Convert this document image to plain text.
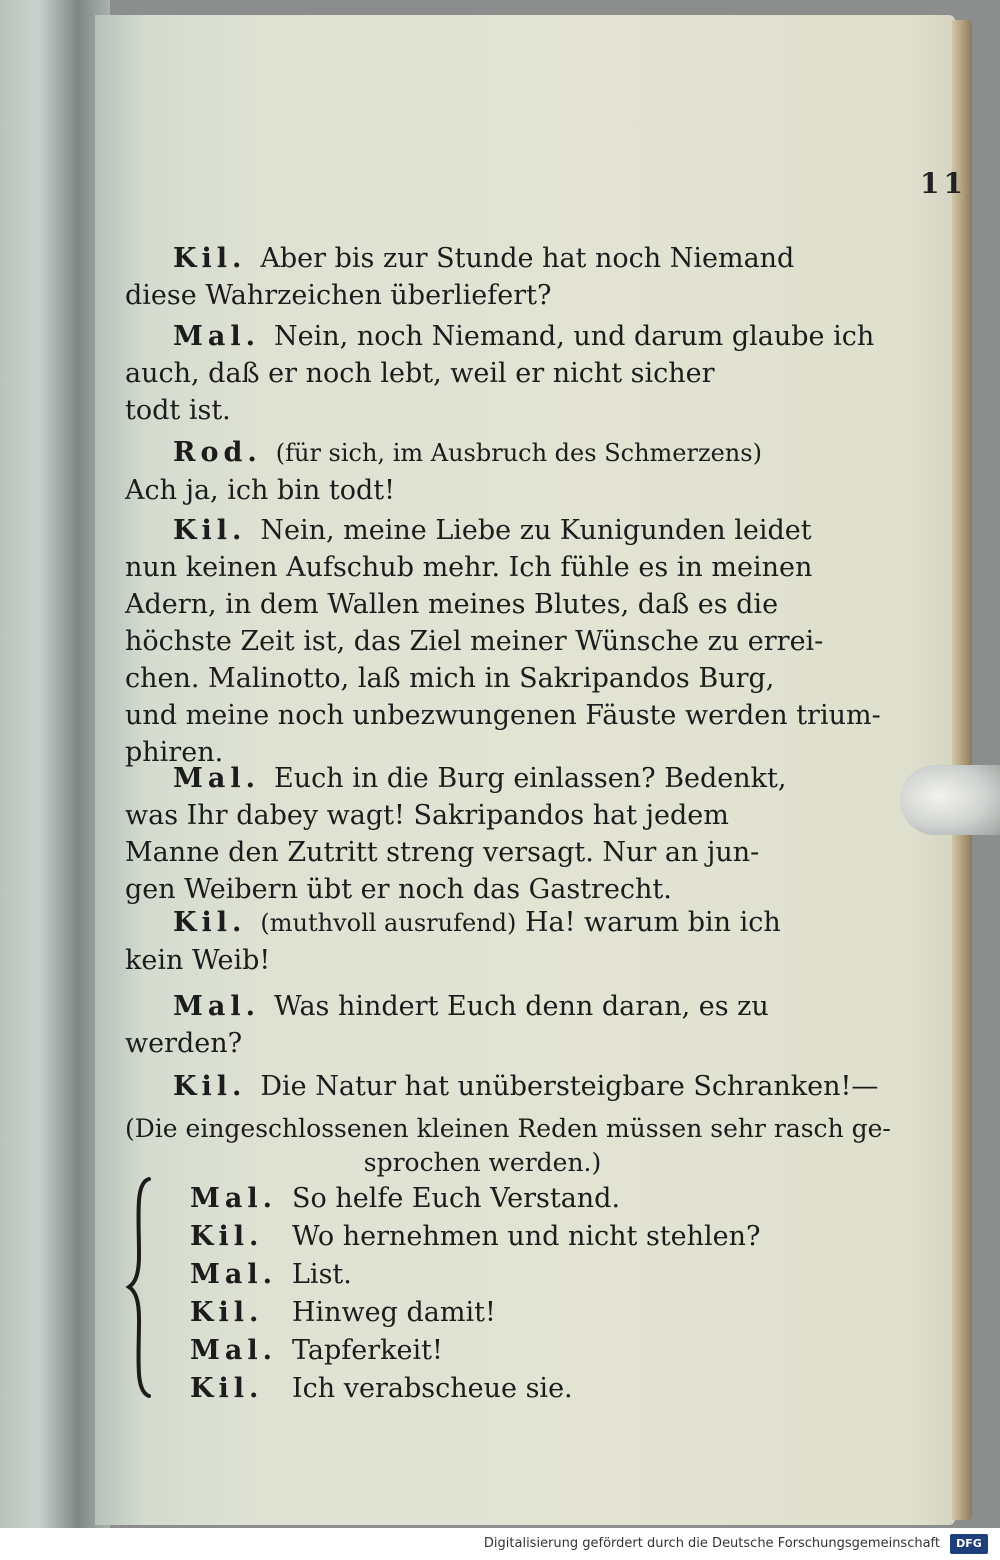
11
Kil. Aber bis zur Stunde hat noch Niemand
diese Wahrzeichen überliefert?
Mal. Nein, noch Niemand, und darum glaube ich
auch, daß er noch lebt, weil er nicht sicher
todt ist.
Rod. (für sich, im Ausbruch des Schmerzens)
Ach ja, ich bin todt!
Kil. Nein, meine Liebe zu Kunigunden leidet
nun keinen Aufschub mehr. Ich fühle es in meinen
Adern, in dem Wallen meines Blutes, daß es die
höchste Zeit ist, das Ziel meiner Wünsche zu errei-
chen. Malinotto, laß mich in Sakripandos Burg,
und meine noch unbezwungenen Fäuste werden trium-
phiren.
Mal. Euch in die Burg einlassen? Bedenkt,
was Ihr dabey wagt! Sakripandos hat jedem
Manne den Zutritt streng versagt. Nur an jun-
gen Weibern übt er noch das Gastrecht.
Kil. (muthvoll ausrufend) Ha! warum bin ich
kein Weib!
Mal. Was hindert Euch denn daran, es zu
werden?
Kil. Die Natur hat unübersteigbare Schranken!—
(Die eingeschlossenen kleinen Reden müssen sehr rasch ge-
sprochen werden.)
Mal. So helfe Euch Verstand.
Kil.	Wo hernehmen und nicht stehlen?
Mal. List.
Kil.	Hinweg damit!
Mal. Tapferkeit!
Kil.	Ich verabscheue sie.
Digitalisierung gefördert durch die Deutsche Forschungsgemeinschaft	DFG
